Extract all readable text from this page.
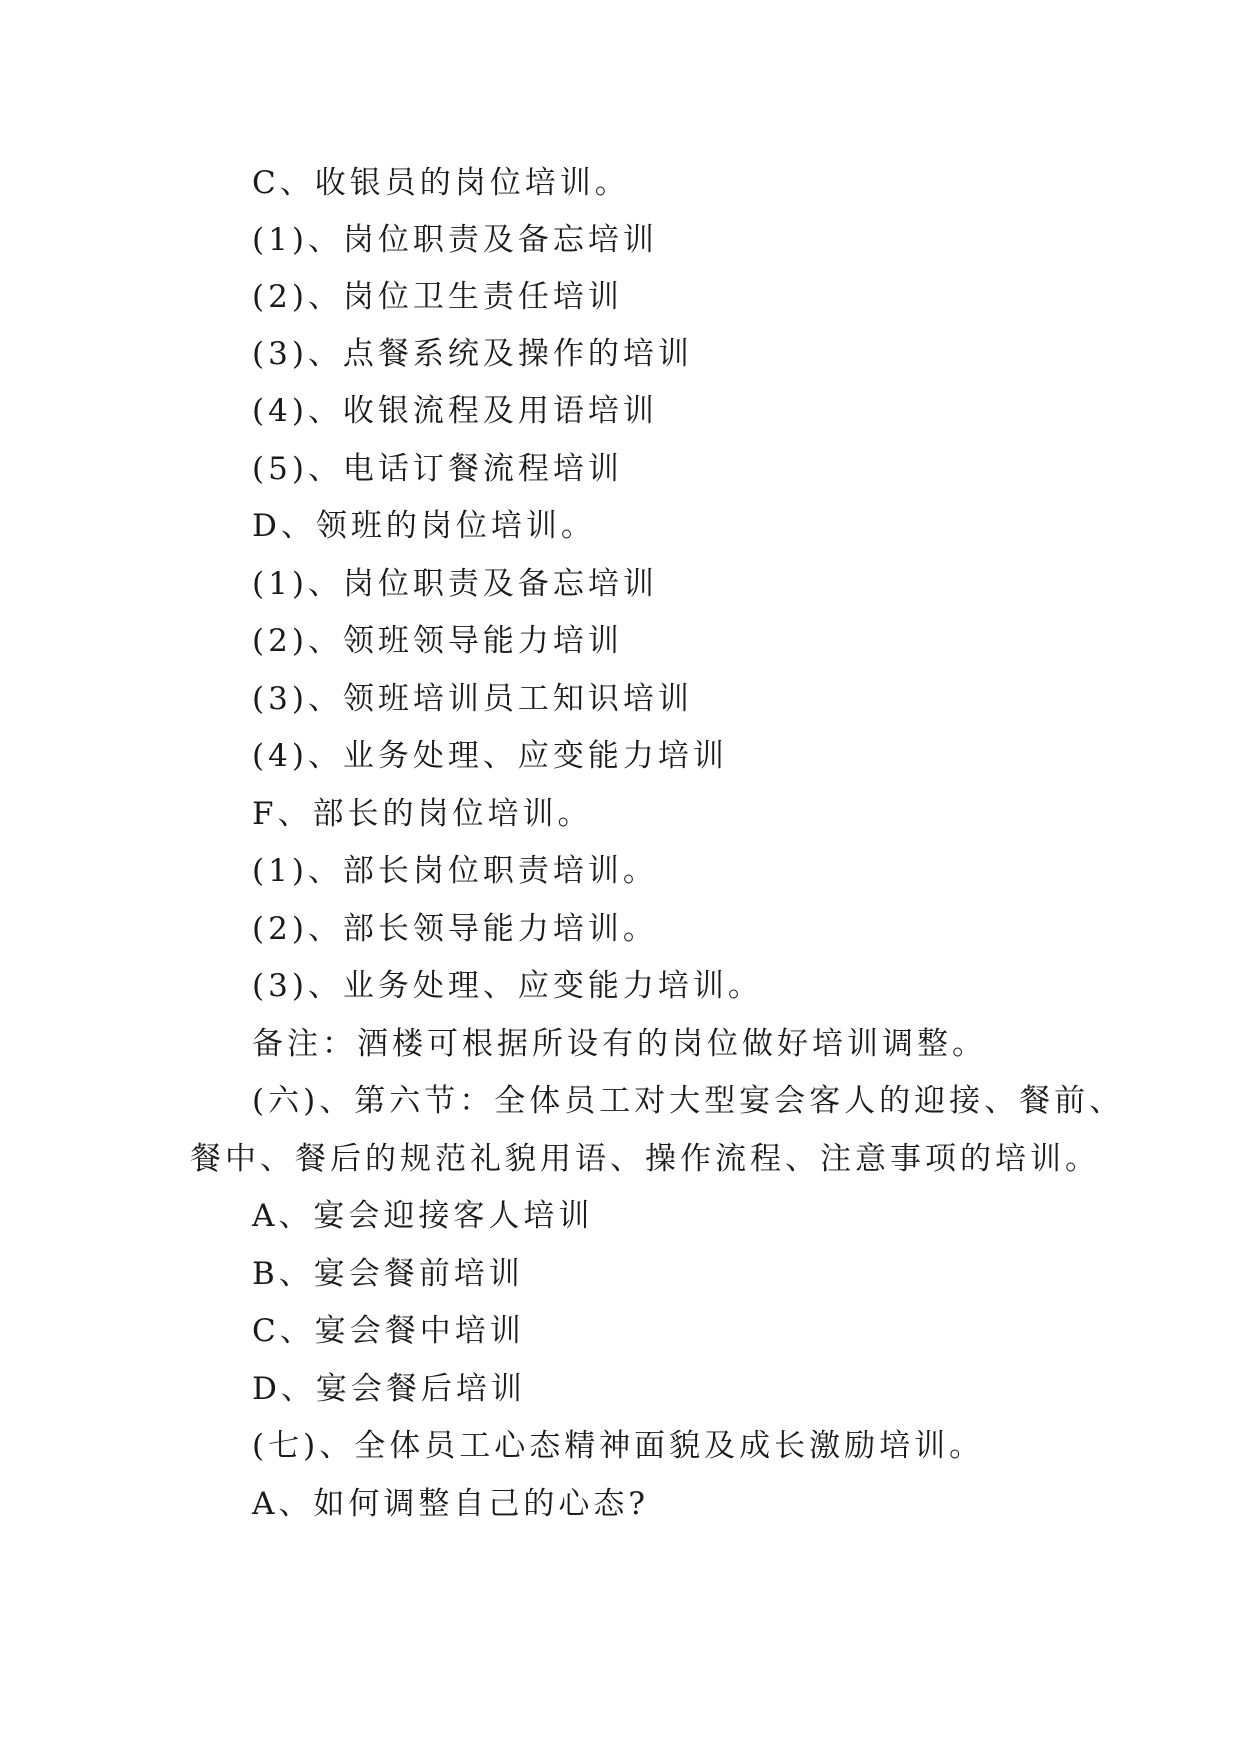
C、收银员的岗位培训。
(1)、岗位职责及备忘培训
(2)、岗位卫生责任培训
(3)、点餐系统及操作的培训
(4)、收银流程及用语培训
(5)、电话订餐流程培训
D、领班的岗位培训。
(1)、岗位职责及备忘培训
(2)、领班领导能力培训
(3)、领班培训员工知识培训
(4)、业务处理、应变能力培训
F、部长的岗位培训。
(1)、部长岗位职责培训。
(2)、部长领导能力培训。
(3)、业务处理、应变能力培训。
备注：酒楼可根据所设有的岗位做好培训调整。
(六)、第六节：全体员工对大型宴会客人的迎接、餐前、
餐中、餐后的规范礼貌用语、操作流程、注意事项的培训。
A、宴会迎接客人培训
B、宴会餐前培训
C、宴会餐中培训
D、宴会餐后培训
(七)、全体员工心态精神面貌及成长激励培训。
A、如何调整自己的心态?
